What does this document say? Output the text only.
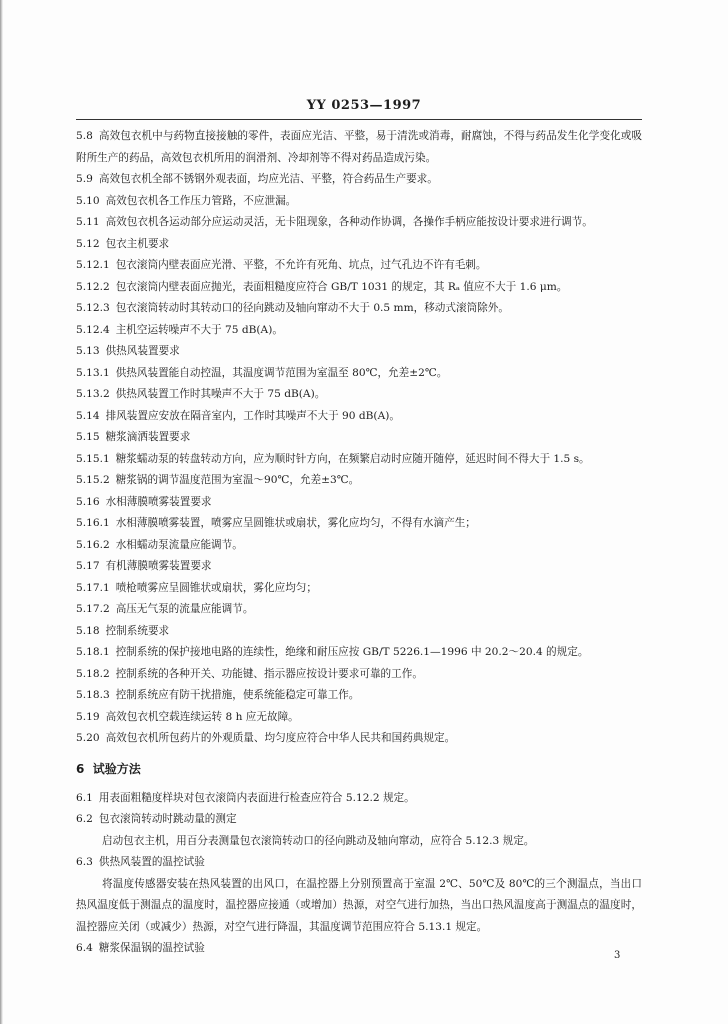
YY 0253—1997

5.8 高效包衣机中与药物直接接触的零件，表面应光洁、平整，易于清洗或消毒，耐腐蚀，不得与药品发生化学变化或吸附所生产的药品，高效包衣机所用的润滑剂、冷却剂等不得对药品造成污染。

5.9 高效包衣机全部不锈钢外观表面，均应光洁、平整，符合药品生产要求。

5.10 高效包衣机各工作压力管路，不应泄漏。

5.11 高效包衣机各运动部分应运动灵活，无卡阻现象，各种动作协调，各操作手柄应能按设计要求进行调节。

5.12 包衣主机要求

5.12.1 包衣滚筒内壁表面应光滑、平整，不允许有死角、坑点，过气孔边不许有毛刺。

5.12.2 包衣滚筒内壁表面应抛光，表面粗糙度应符合 GB/T 1031 的规定，其 Rₐ 值应不大于 1.6 μm。

5.12.3 包衣滚筒转动时其转动口的径向跳动及轴向窜动不大于 0.5 mm，移动式滚筒除外。

5.12.4 主机空运转噪声不大于 75 dB(A)。

5.13 供热风装置要求

5.13.1 供热风装置能自动控温，其温度调节范围为室温至 80℃，允差±2℃。

5.13.2 供热风装置工作时其噪声不大于 75 dB(A)。

5.14 排风装置应安放在隔音室内，工作时其噪声不大于 90 dB(A)。

5.15 糖浆滴洒装置要求

5.15.1 糖浆蠕动泵的转盘转动方向，应为顺时针方向，在频繁启动时应随开随停，延迟时间不得大于 1.5 s。

5.15.2 糖浆锅的调节温度范围为室温～90℃，允差±3℃。

5.16 水相薄膜喷雾装置要求

5.16.1 水相薄膜喷雾装置，喷雾应呈圆锥状或扇状，雾化应均匀，不得有水滴产生；

5.16.2 水相蠕动泵流量应能调节。

5.17 有机薄膜喷雾装置要求

5.17.1 喷枪喷雾应呈圆锥状或扇状，雾化应均匀；

5.17.2 高压无气泵的流量应能调节。

5.18 控制系统要求

5.18.1 控制系统的保护接地电路的连续性，绝缘和耐压应按 GB/T 5226.1—1996 中 20.2～20.4 的规定。

5.18.2 控制系统的各种开关、功能键、指示器应按设计要求可靠的工作。

5.18.3 控制系统应有防干扰措施，使系统能稳定可靠工作。

5.19 高效包衣机空载连续运转 8 h 应无故障。

5.20 高效包衣机所包药片的外观质量、均匀度应符合中华人民共和国药典规定。

6 试验方法

6.1 用表面粗糙度样块对包衣滚筒内表面进行检查应符合 5.12.2 规定。

6.2 包衣滚筒转动时跳动量的测定

启动包衣主机，用百分表测量包衣滚筒转动口的径向跳动及轴向窜动，应符合 5.12.3 规定。

6.3 供热风装置的温控试验

将温度传感器安装在热风装置的出风口，在温控器上分别预置高于室温 2℃、50℃及 80℃的三个测温点，当出口热风温度低于测温点的温度时，温控器应接通（或增加）热源，对空气进行加热，当出口热风温度高于测温点的温度时，温控器应关闭（或减少）热源，对空气进行降温，其温度调节范围应符合 5.13.1 规定。

6.4 糖浆保温锅的温控试验

3
